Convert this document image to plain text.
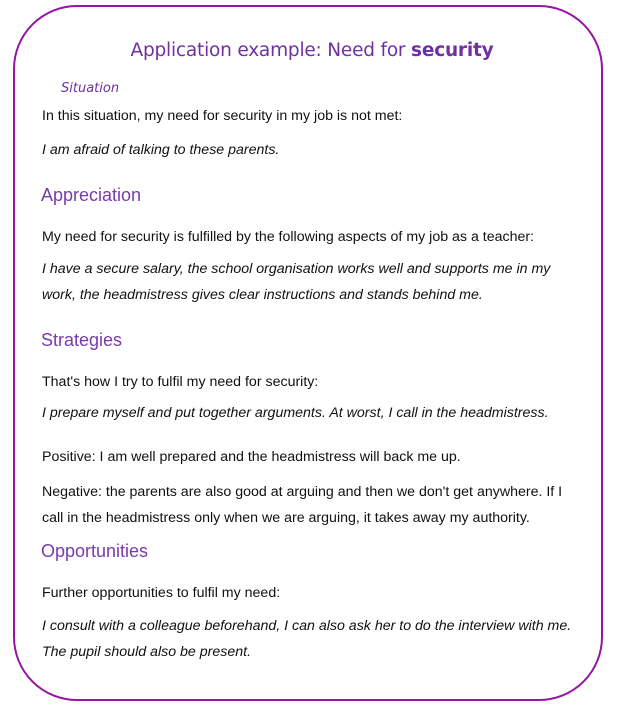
Application example: Need for security
Situation

In this situation, my need for security in my job is not met:

I am afraid of talking to these parents.

Appreciation

My need for security is fulfilled by the following aspects of my job as a teacher:

I have a secure salary, the school organisation works well and supports me in my work, the headmistress gives clear instructions and stands behind me.

Strategies

That's how I try to fulfil my need for security:

I prepare myself and put together arguments. At worst, I call in the headmistress.

Positive: I am well prepared and the headmistress will back me up.

Negative: the parents are also good at arguing and then we don't get anywhere. If I call in the headmistress only when we are arguing, it takes away my authority.

Opportunities

Further opportunities to fulfil my need:

I consult with a colleague beforehand, I can also ask her to do the interview with me. The pupil should also be present.
